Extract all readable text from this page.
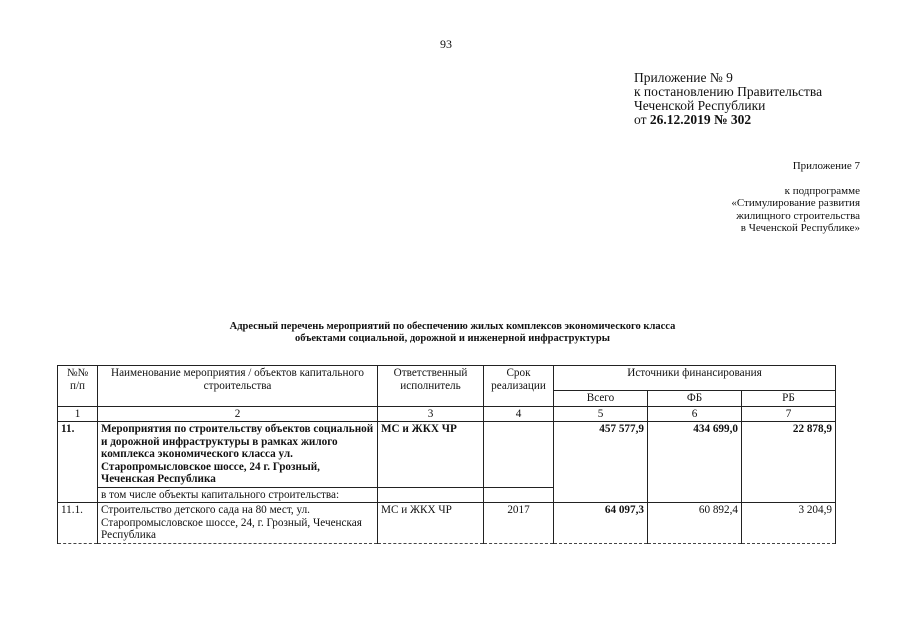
93
Приложение № 9
к постановлению Правительства
Чеченской Республики
от 26.12.2019 № 302
Приложение 7
к подпрограмме
«Стимулирование развития
жилищного строительства
в Чеченской Республике»
Адресный перечень мероприятий по обеспечению жилых комплексов экономического класса
объектами социальной, дорожной и инженерной инфраструктуры
№№ п/п	Наименование мероприятия / объектов капитального строительства	Ответственный исполнитель	Срок реализации	Источники финансирования		
				Всего	ФБ	РБ
1	2	3	4	5	6	7
11.	Мероприятия по строительству объектов социальной и дорожной инфраструктуры в рамках жилого комплекса экономического класса ул. Старопромысловское шоссе, 24 г. Грозный, Чеченская Республика	МС и ЖКХ ЧР		457 577,9	434 699,0	22 878,9
	в том числе объекты капитального строительства:					
11.1.	Строительство детского сада на 80 мест, ул. Старопромысловское шоссе, 24, г. Грозный, Чеченская Республика	МС и ЖКХ ЧР	2017	64 097,3	60 892,4	3 204,9
